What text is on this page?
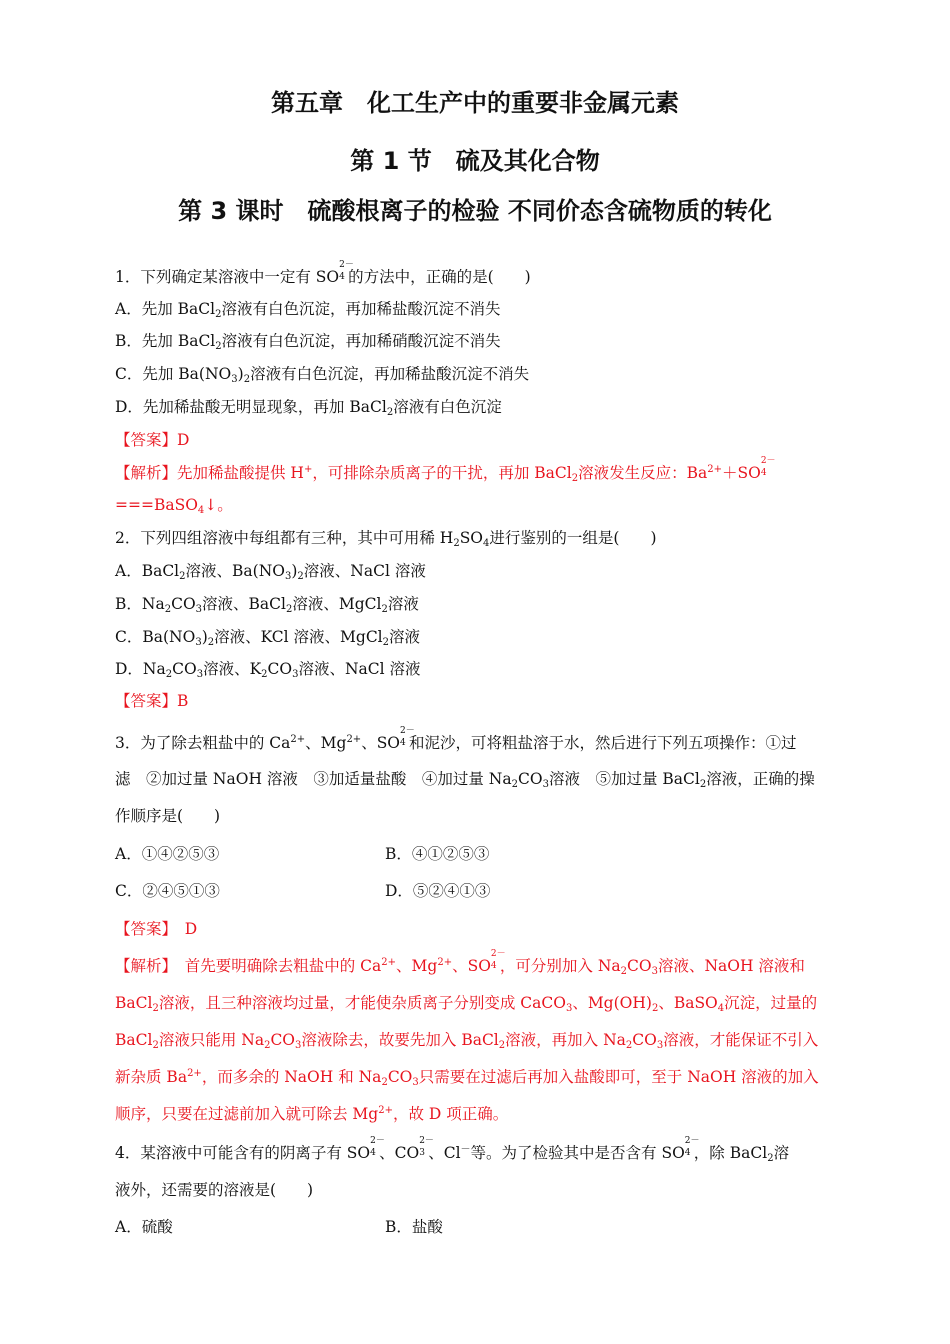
第五章　化工生产中的重要非金属元素
第 1 节　硫及其化合物
第 3 课时　硫酸根离子的检验 不同价态含硫物质的转化
1．下列确定某溶液中一定有 SO
2－
4 的方法中，正确的是(　　)
A．先加 BaCl$_2$溶液有白色沉淀，再加稀盐酸沉淀不消失
B．先加 BaCl$_2$溶液有白色沉淀，再加稀硝酸沉淀不消失
C．先加 $Ba(NO_3)_2$溶液有白色沉淀，再加稀盐酸沉淀不消失
D．先加稀盐酸无明显现象，再加 BaCl$_2$溶液有白色沉淀
【答案】D
【解析】先加稀盐酸提供 H+，可排除杂质离子的干扰，再加 BaCl$_2$溶液发生反应：$Ba^{2+}+SO$
2－
4
===BaSO$_4$↓。
2．下列四组溶液中每组都有三种，其中可用稀 $H_2SO_4$进行鉴别的一组是(　　)
A．BaCl$_2$溶液、$Ba(NO_3)_2$溶液、NaCl 溶液
B．$Na_2CO_3$溶液、BaCl$_2$溶液、MgCl$_2$溶液
C．$Ba(NO_3)_2$溶液、KCl 溶液、MgCl$_2$溶液
D．$Na_2CO_3$溶液、$K_2CO_3$溶液、NaCl 溶液
【答案】B
3．为了除去粗盐中的 $Ca^{2+}$、$Mg^{2+}$、SO
2－
4 和泥沙，可将粗盐溶于水，然后进行下列五项操作：①过
滤　②加过量 NaOH 溶液　③加适量盐酸　④加过量 $Na_2CO_3$溶液　⑤加过量 BaCl$_2$溶液，正确的操
作顺序是(　　)
A．①④②⑤③	B．④①②⑤③
C．②④⑤①③	D．⑤②④①③
【答案】　D
【解析】　首先要明确除去粗盐中的 $Ca^{2+}$、$Mg^{2+}$、SO
2－
4 ，可分别加入 $Na_2CO_3$溶液、NaOH 溶液和
BaCl$_2$溶液，且三种溶液均过量，才能使杂质离子分别变成 CaCO$_3$、$Mg(OH)_2$、BaSO$_4$沉淀，过量的
BaCl$_2$溶液只能用 $Na_2CO_3$溶液除去，故要先加入 BaCl$_2$溶液，再加入 $Na_2CO_3$溶液，才能保证不引入
新杂质 $Ba^{2+}$，而多余的 NaOH 和 $Na_2CO_3$只需要在过滤后再加入盐酸即可，至于 NaOH 溶液的加入
顺序，只要在过滤前加入就可除去 $Mg^{2+}$，故 D 项正确。
4．某溶液中可能含有的阴离子有 SO
2－
4 、CO
2－
3 、Cl－等。为了检验其中是否含有 SO
2－
4 ，除 BaCl$_2$溶
液外，还需要的溶液是(　　)
A．硫酸	B．盐酸
